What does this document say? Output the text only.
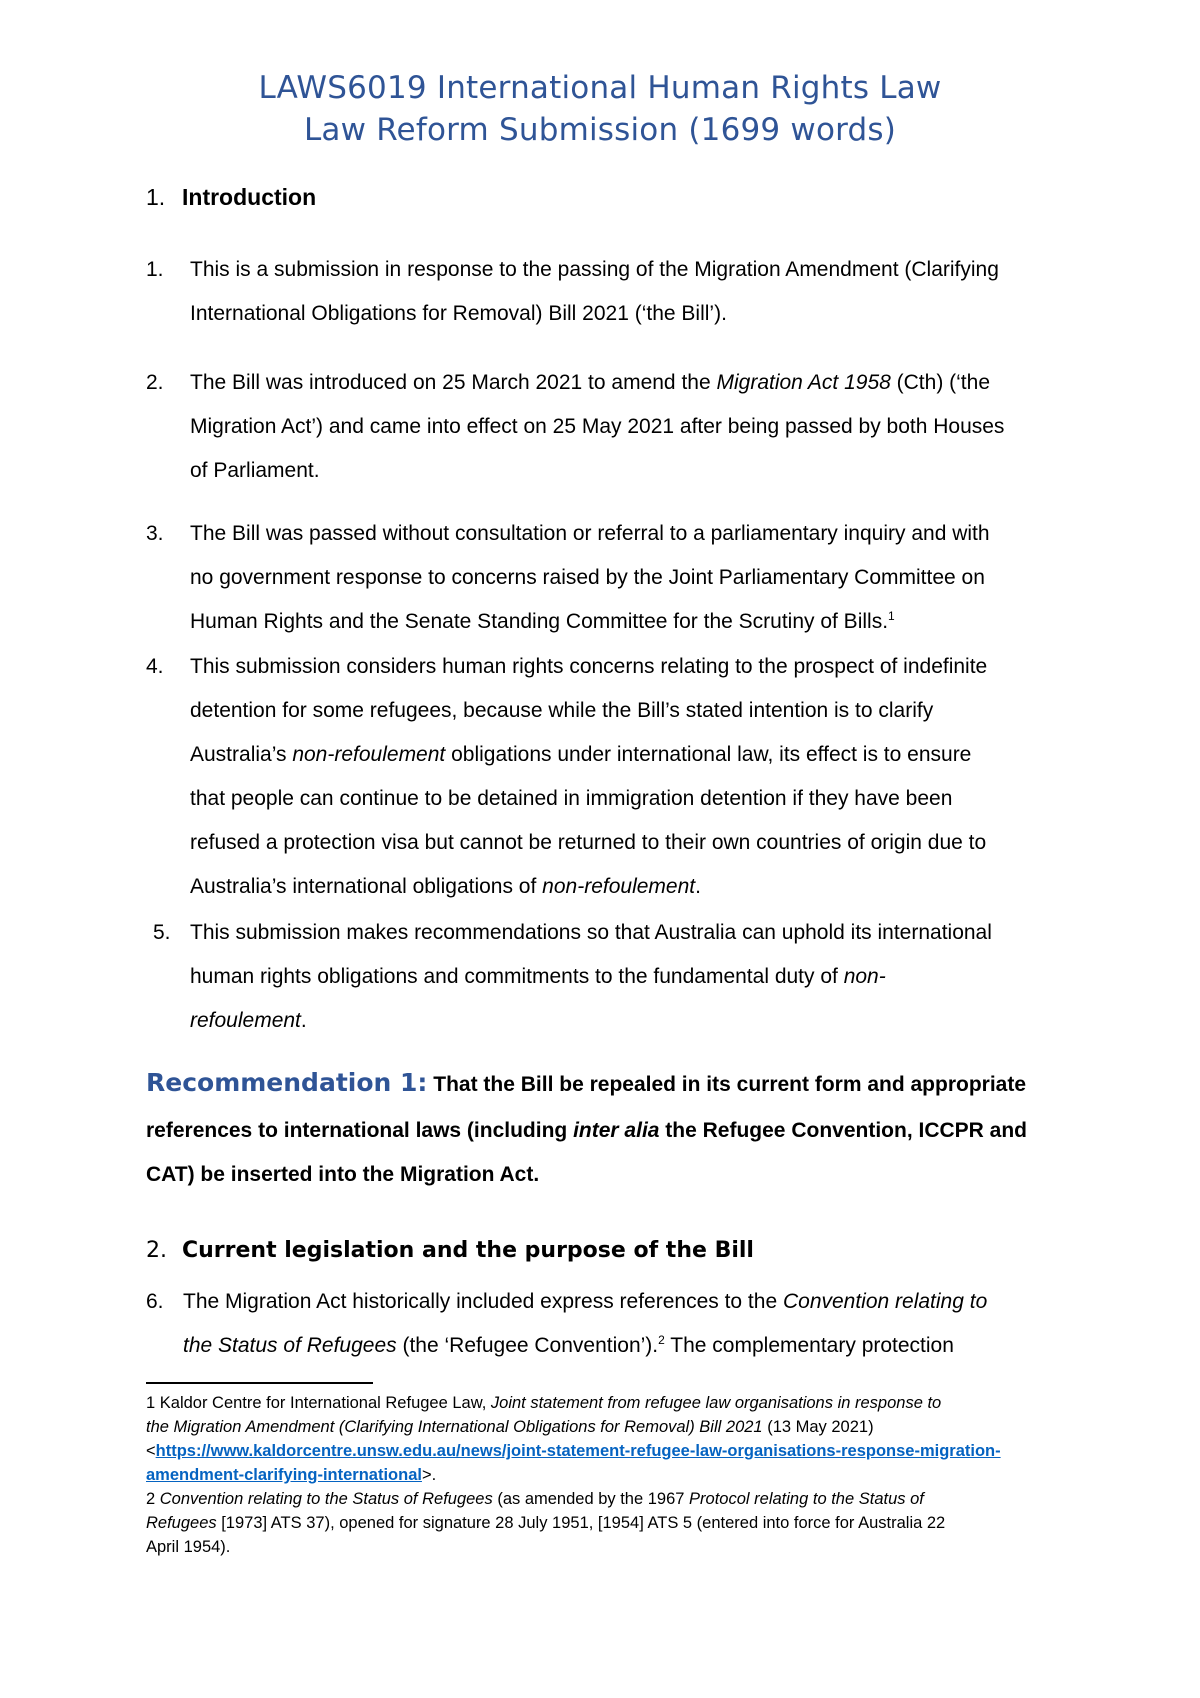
LAWS6019 International Human Rights Law
Law Reform Submission (1699 words)
1. Introduction
1. This is a submission in response to the passing of the Migration Amendment (Clarifying
International Obligations for Removal) Bill 2021 (‘the Bill’).
2. The Bill was introduced on 25 March 2021 to amend the Migration Act 1958 (Cth) (‘the
Migration Act’) and came into effect on 25 May 2021 after being passed by both Houses
of Parliament.
3. The Bill was passed without consultation or referral to a parliamentary inquiry and with
no government response to concerns raised by the Joint Parliamentary Committee on
Human Rights and the Senate Standing Committee for the Scrutiny of Bills.$^1$
4. This submission considers human rights concerns relating to the prospect of indefinite
detention for some refugees, because while the Bill’s stated intention is to clarify
Australia’s non-refoulement obligations under international law, its effect is to ensure
that people can continue to be detained in immigration detention if they have been
refused a protection visa but cannot be returned to their own countries of origin due to
Australia’s international obligations of non-refoulement.
5. This submission makes recommendations so that Australia can uphold its international
human rights obligations and commitments to the fundamental duty of non-
refoulement.
Recommendation 1: That the Bill be repealed in its current form and appropriate
references to international laws (including inter alia the Refugee Convention, ICCPR and
CAT) be inserted into the Migration Act.
2. Current legislation and the purpose of the Bill
6. The Migration Act historically included express references to the Convention relating to
the Status of Refugees (the ‘Refugee Convention’).$^2$ The complementary protection
1 Kaldor Centre for International Refugee Law, Joint statement from refugee law organisations in response to
the Migration Amendment (Clarifying International Obligations for Removal) Bill 2021 (13 May 2021)
<https://www.kaldorcentre.unsw.edu.au/news/joint-statement-refugee-law-organisations-response-migration-
amendment-clarifying-international>.
2 Convention relating to the Status of Refugees (as amended by the 1967 Protocol relating to the Status of
Refugees [1973] ATS 37), opened for signature 28 July 1951, [1954] ATS 5 (entered into force for Australia 22
April 1954).
